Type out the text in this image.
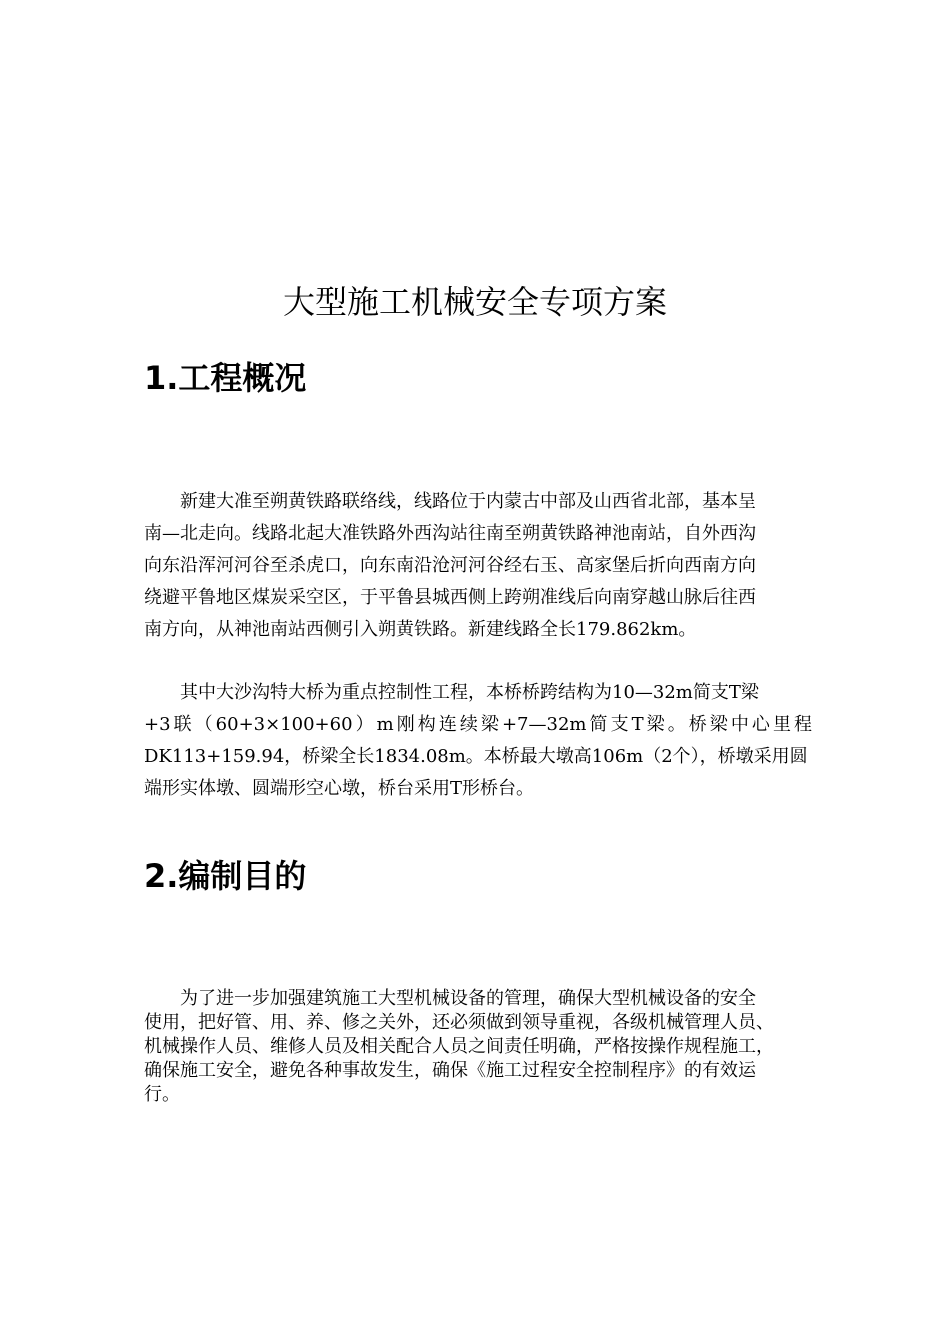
大型施工机械安全专项方案
1.工程概况
新建大准至朔黄铁路联络线，线路位于内蒙古中部及山西省北部，基本呈
南—北走向。线路北起大准铁路外西沟站往南至朔黄铁路神池南站，自外西沟
向东沿浑河河谷至杀虎口，向东南沿沧河河谷经右玉、高家堡后折向西南方向
绕避平鲁地区煤炭采空区，于平鲁县城西侧上跨朔准线后向南穿越山脉后往西
南方向，从神池南站西侧引入朔黄铁路。新建线路全长179.862km。
其中大沙沟特大桥为重点控制性工程，本桥桥跨结构为10—32m简支T梁
+3联（60+3×100+60）m刚构连续梁+7—32m简支T梁。桥梁中心里程
DK113+159.94，桥梁全长1834.08m。本桥最大墩高106m（2个），桥墩采用圆
端形实体墩、圆端形空心墩，桥台采用T形桥台。
2.编制目的
为了进一步加强建筑施工大型机械设备的管理，确保大型机械设备的安全
使用，把好管、用、养、修之关外，还必须做到领导重视，各级机械管理人员、
机械操作人员、维修人员及相关配合人员之间责任明确，严格按操作规程施工，
确保施工安全，避免各种事故发生，确保《施工过程安全控制程序》的有效运
行。
